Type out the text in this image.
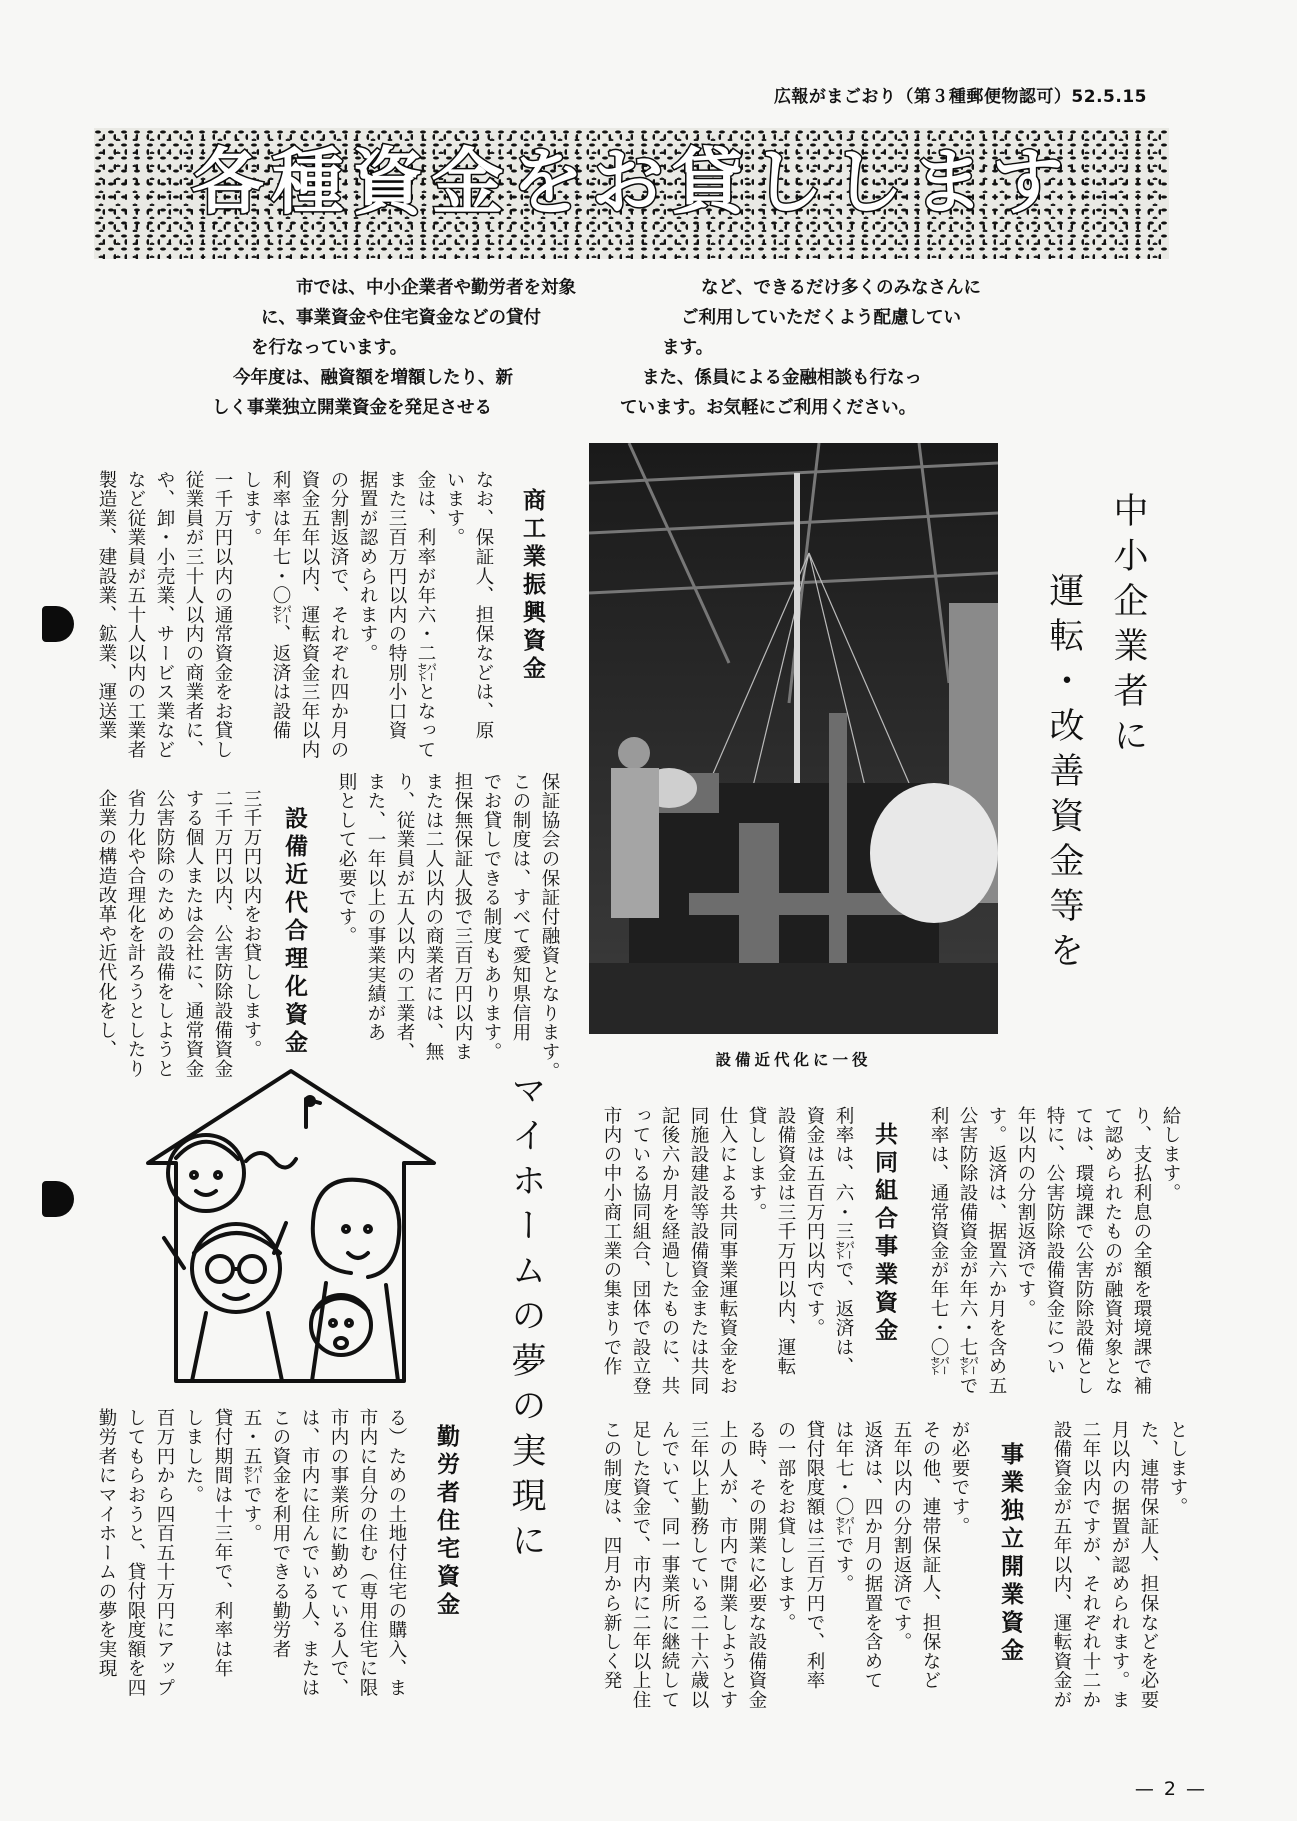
広報がまごおり（第３種郵便物認可）52.5.15
各種資金をお貸しします
市では、中小企業者や勤労者を対象
に、事業資金や住宅資金などの貸付
を行なっています。
今年度は、融資額を増額したり、新
しく事業独立開業資金を発足させる
など、できるだけ多くのみなさんに
ご利用していただくよう配慮してい
ます。
また、係員による金融相談も行なっ
ています。お気軽にご利用ください。
中小企業者に
運転・改善資金等を
設備近代化に一役
商工業振興資金
なお、保証人、担保などは、原
います。
金は、利率が年六・二㌫となって
また三百万円以内の特別小口資
据置が認められます。
の分割返済で、それぞれ四か月の
資金五年以内、運転資金三年以内
利率は年七・〇㌫、返済は設備
します。
一千万円以内の通常資金をお貸し
従業員が三十人以内の商業者に、
や、卸・小売業、サービス業など
など従業員が五十人以内の工業者
製造業、建設業、鉱業、運送業
保証協会の保証付融資となります。
この制度は、すべて愛知県信用
でお貸しできる制度もあります。
担保無保証人扱で三百万円以内ま
または二人以内の商業者には、無
り、従業員が五人以内の工業者、
また、一年以上の事業実績があ
則として必要です。
設備近代合理化資金
三千万円以内をお貸しします。
二千万円以内、公害防除設備資金
する個人または会社に、通常資金
公害防除のための設備をしようと
省力化や合理化を計ろうとしたり
企業の構造改革や近代化をし、
給します。
り、支払利息の全額を環境課で補
て認められたものが融資対象とな
ては、環境課で公害防除設備とし
特に、公害防除設備資金につい
年以内の分割返済です。
す。返済は、据置六か月を含め五
公害防除設備資金が年六・七㌫で
利率は、通常資金が年七・〇㌫
共同組合事業資金
利率は、六・三㌫で、返済は、
資金は五百万円以内です。
設備資金は三千万円以内、運転
貸しします。
仕入による共同事業運転資金をお
同施設建設等設備資金または共同
記後六か月を経過したものに、共
っている協同組合、団体で設立登
市内の中小商工業の集まりで作
とします。
た、連帯保証人、担保などを必要
月以内の据置が認められます。ま
二年以内ですが、それぞれ十二か
設備資金が五年以内、運転資金が
事業独立開業資金
が必要です。
その他、連帯保証人、担保など
五年以内の分割返済です。
返済は、四か月の据置を含めて
は年七・〇㌫です。
貸付限度額は三百万円で、利率
の一部をお貸しします。
る時、その開業に必要な設備資金
上の人が、市内で開業しようとす
三年以上勤務している二十六歳以
んでいて、同一事業所に継続して
足した資金で、市内に二年以上住
この制度は、四月から新しく発
マイホームの夢の実現に
勤労者住宅資金
る）ための土地付住宅の購入、ま
市内に自分の住む（専用住宅に限
市内の事業所に勤めている人で、
は、市内に住んでいる人、または
この資金を利用できる勤労者
五・五㌫です。
貸付期間は十三年で、利率は年
しました。
百万円から四百五十万円にアップ
してもらおうと、貸付限度額を四
勤労者にマイホームの夢を実現
— 2 —
